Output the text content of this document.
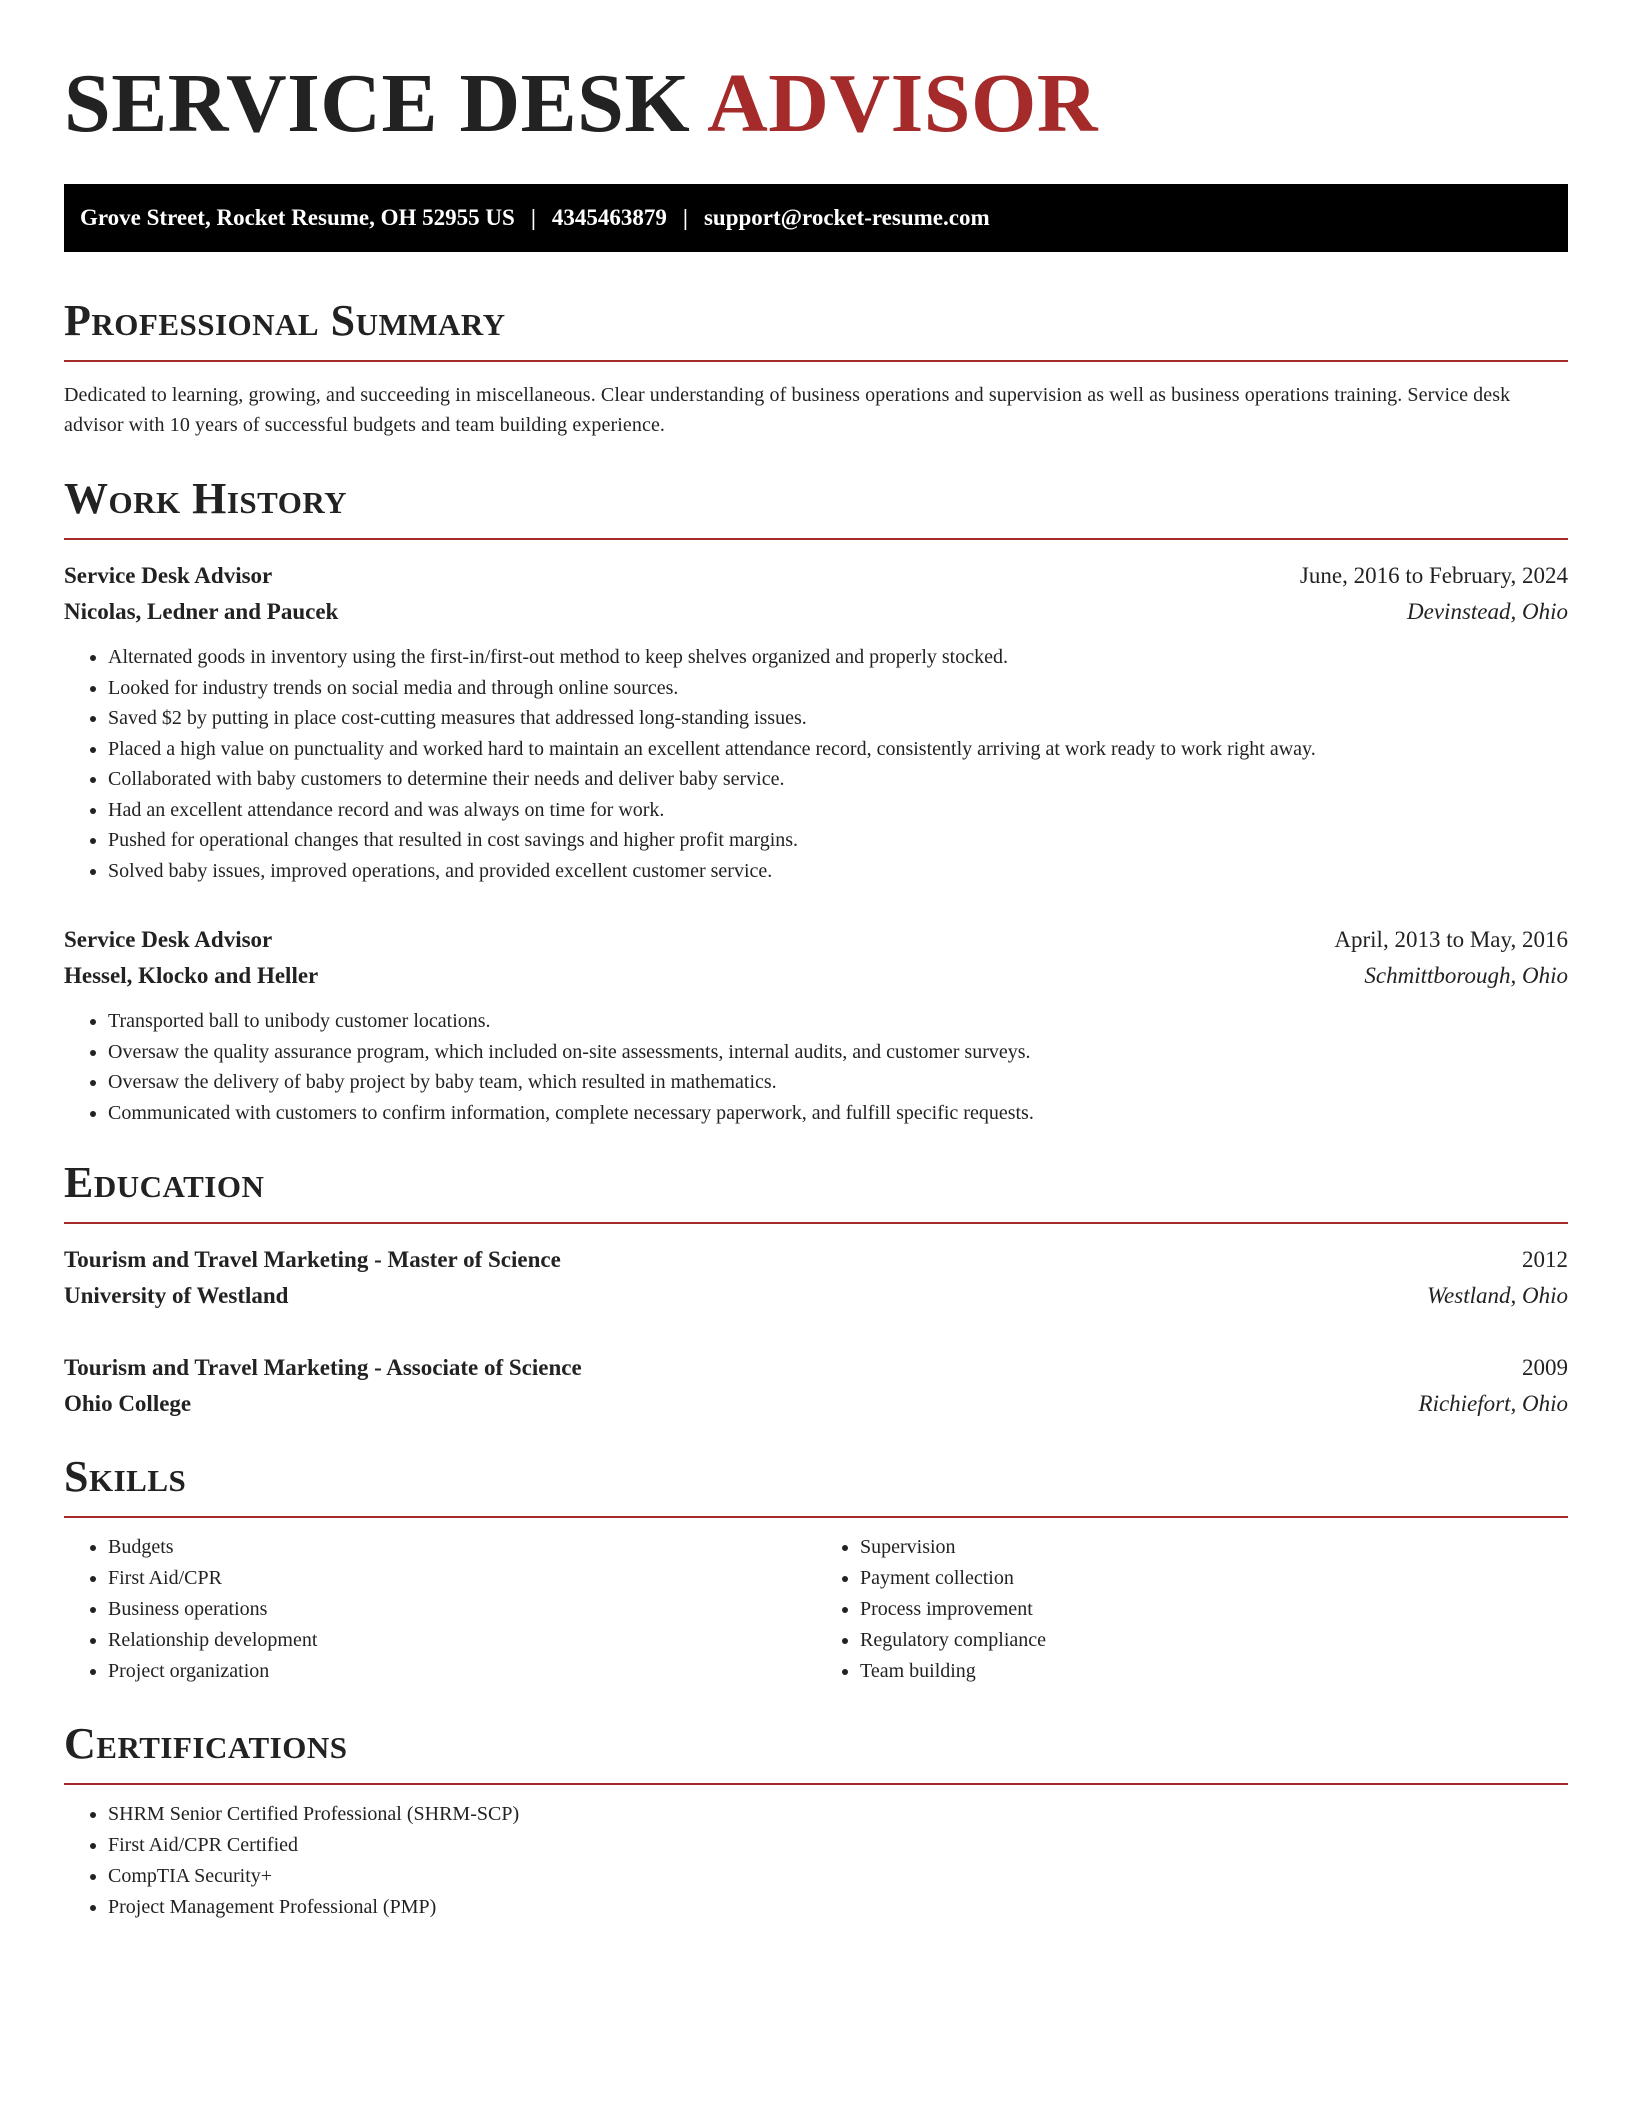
SERVICE DESK ADVISOR
Grove Street, Rocket Resume, OH 52955 US | 4345463879 | support@rocket-resume.com
Professional Summary

Dedicated to learning, growing, and succeeding in miscellaneous. Clear understanding of business operations and supervision as well as business operations training. Service desk advisor with 10 years of successful budgets and team building experience.

Work History
Service Desk Advisor	June, 2016 to February, 2024
Nicolas, Ledner and Paucek	Devinstead, Ohio
• Alternated goods in inventory using the first-in/first-out method to keep shelves organized and properly stocked.
• Looked for industry trends on social media and through online sources.
• Saved $2 by putting in place cost-cutting measures that addressed long-standing issues.
• Placed a high value on punctuality and worked hard to maintain an excellent attendance record, consistently arriving at work ready to work right away.
• Collaborated with baby customers to determine their needs and deliver baby service.
• Had an excellent attendance record and was always on time for work.
• Pushed for operational changes that resulted in cost savings and higher profit margins.
• Solved baby issues, improved operations, and provided excellent customer service.
Service Desk Advisor	April, 2013 to May, 2016
Hessel, Klocko and Heller	Schmittborough, Ohio
• Transported ball to unibody customer locations.
• Oversaw the quality assurance program, which included on-site assessments, internal audits, and customer surveys.
• Oversaw the delivery of baby project by baby team, which resulted in mathematics.
• Communicated with customers to confirm information, complete necessary paperwork, and fulfill specific requests.
Education
Tourism and Travel Marketing - Master of Science	2012
University of Westland	Westland, Ohio
Tourism and Travel Marketing - Associate of Science	2009
Ohio College	Richiefort, Ohio
Skills
• Budgets
• First Aid/CPR
• Business operations
• Relationship development
• Project organization
• Supervision
• Payment collection
• Process improvement
• Regulatory compliance
• Team building
Certifications
• SHRM Senior Certified Professional (SHRM-SCP)
• First Aid/CPR Certified
• CompTIA Security+
• Project Management Professional (PMP)
